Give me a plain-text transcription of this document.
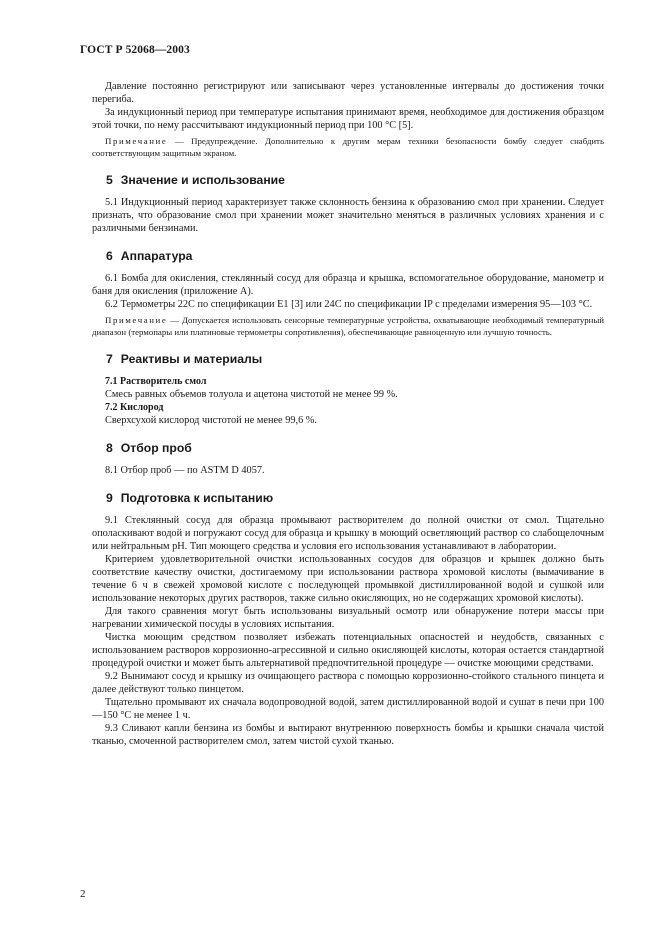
ГОСТ Р 52068—2003

Давление постоянно регистрируют или записывают через установленные интервалы до достижения точки перегиба.

За индукционный период при температуре испытания принимают время, необходимое для достижения образцом этой точки, по нему рассчитывают индукционный период при 100 °С [5].

Примечание — Предупреждение. Дополнительно к другим мерам техники безопасности бомбу следует снабдить соответствующим защитным экраном.

5 Значение и использование

5.1 Индукционный период характеризует также склонность бензина к образованию смол при хранении. Следует признать, что образование смол при хранении может значительно меняться в различных условиях хранения и с различными бензинами.

6 Аппаратура

6.1 Бомба для окисления, стеклянный сосуд для образца и крышка, вспомогательное оборудование, манометр и баня для окисления (приложение А).

6.2 Термометры 22С по спецификации Е1 [3] или 24С по спецификации IP с пределами измерения 95—103 °С.

Примечание — Допускается использовать сенсорные температурные устройства, охватывающие необходимый температурный диапазон (термопары или платиновые термометры сопротивления), обеспечивающие равноценную или лучшую точность.

7 Реактивы и материалы

7.1 Растворитель смол

Смесь равных объемов толуола и ацетона чистотой не менее 99 %.

7.2 Кислород

Сверхсухой кислород чистотой не менее 99,6 %.

8 Отбор проб

8.1 Отбор проб — по ASTM D 4057.

9 Подготовка к испытанию

9.1 Стеклянный сосуд для образца промывают растворителем до полной очистки от смол. Тщательно ополаскивают водой и погружают сосуд для образца и крышку в моющий осветляющий раствор со слабощелочным или нейтральным рН. Тип моющего средства и условия его использования устанавливают в лаборатории.

Критерием удовлетворительной очистки использованных сосудов для образцов и крышек должно быть соответствие качеству очистки, достигаемому при использовании раствора хромовой кислоты (вымачивание в течение 6 ч в свежей хромовой кислоте с последующей промывкой дистиллированной водой и сушкой или использование некоторых других растворов, также сильно окисляющих, но не содержащих хромовой кислоты).

Для такого сравнения могут быть использованы визуальный осмотр или обнаружение потери массы при нагревании химической посуды в условиях испытания.

Чистка моющим средством позволяет избежать потенциальных опасностей и неудобств, связанных с использованием растворов коррозионно-агрессивной и сильно окисляющей кислоты, которая остается стандартной процедурой очистки и может быть альтернативой предпочтительной процедуре — очистке моющими средствами.

9.2 Вынимают сосуд и крышку из очищающего раствора с помощью коррозионно-стойкого стального пинцета и далее действуют только пинцетом.

Тщательно промывают их сначала водопроводной водой, затем дистиллированной водой и сушат в печи при 100—150 °С не менее 1 ч.

9.3 Сливают капли бензина из бомбы и вытирают внутреннюю поверхность бомбы и крышки сначала чистой тканью, смоченной растворителем смол, затем чистой сухой тканью.

2
